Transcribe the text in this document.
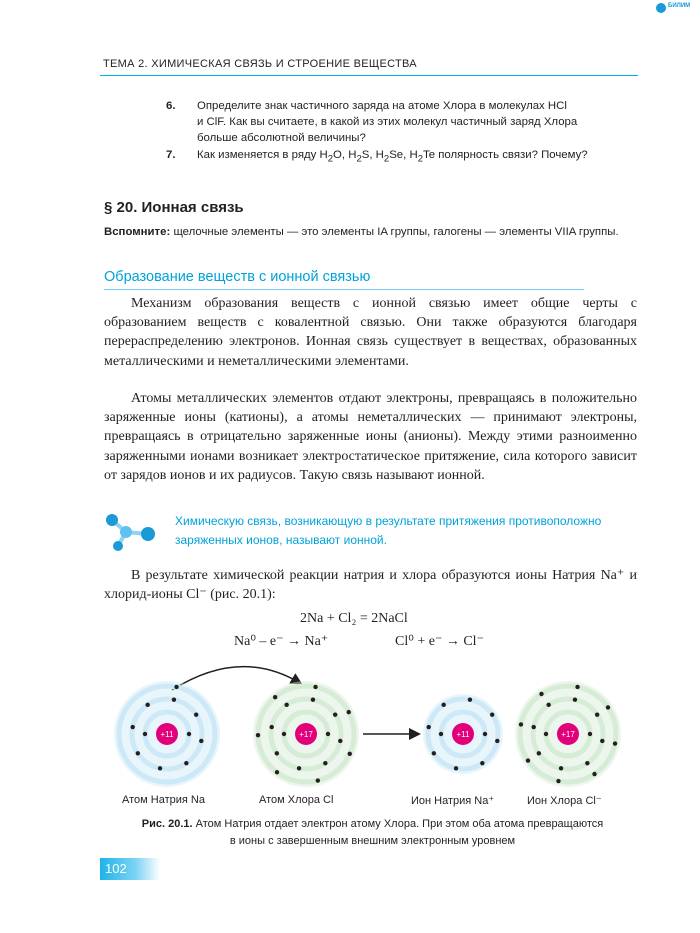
БИЛИМ
ТЕМА 2. ХИМИЧЕСКАЯ СВЯЗЬ И СТРОЕНИЕ ВЕЩЕСТВА
6. Определите знак частичного заряда на атоме Хлора в молекулах HCl
и ClF. Как вы считаете, в какой из этих молекул частичный заряд Хлора
больше абсолютной величины?
7. Как изменяется в ряду $H_2O$, $H_2S$, $H_2Se$, $H_2Te$ полярность связи? Почему?
§ 20. Ионная связь
Вспомните: щелочные элементы — это элементы IA группы, галогены — элементы VIIA группы.
Образование веществ с ионной связью

Механизм образования веществ с ионной связью имеет общие черты с образованием веществ с ковалентной связью. Они также образуются благодаря перераспределению электронов. Ионная связь существует в веществах, образованных металлическими и неметаллическими элементами.

Атомы металлических элементов отдают электроны, превращаясь в положительно заряженные ионы (катионы), а атомы неметаллических — принимают электроны, превращаясь в отрицательно заряженные ионы (анионы). Между этими разноименно заряженными ионами возникает электростатическое притяжение, сила которого зависит от зарядов ионов и их радиусов. Такую связь называют ионной.

Химическую связь, возникающую в результате притяжения противоположно заряженных ионов, называют ионной.

В результате химической реакции натрия и хлора образуются ионы Натрия Na⁺ и хлорид-ионы Cl⁻ (рис. 20.1):

2Na + Cl₂ = 2NaCl
Na⁰ – e⁻ → Na⁺	Cl⁰ + e⁻ → Cl⁻
+11	+17	+11	+17
Атом Натрия Na	Атом Хлора Cl	Ион Натрия Na⁺	Ион Хлора Cl⁻
Рис. 20.1. Атом Натрия отдает электрон атому Хлора. При этом оба атома превращаются в ионы с завершенным внешним электронным уровнем
102
